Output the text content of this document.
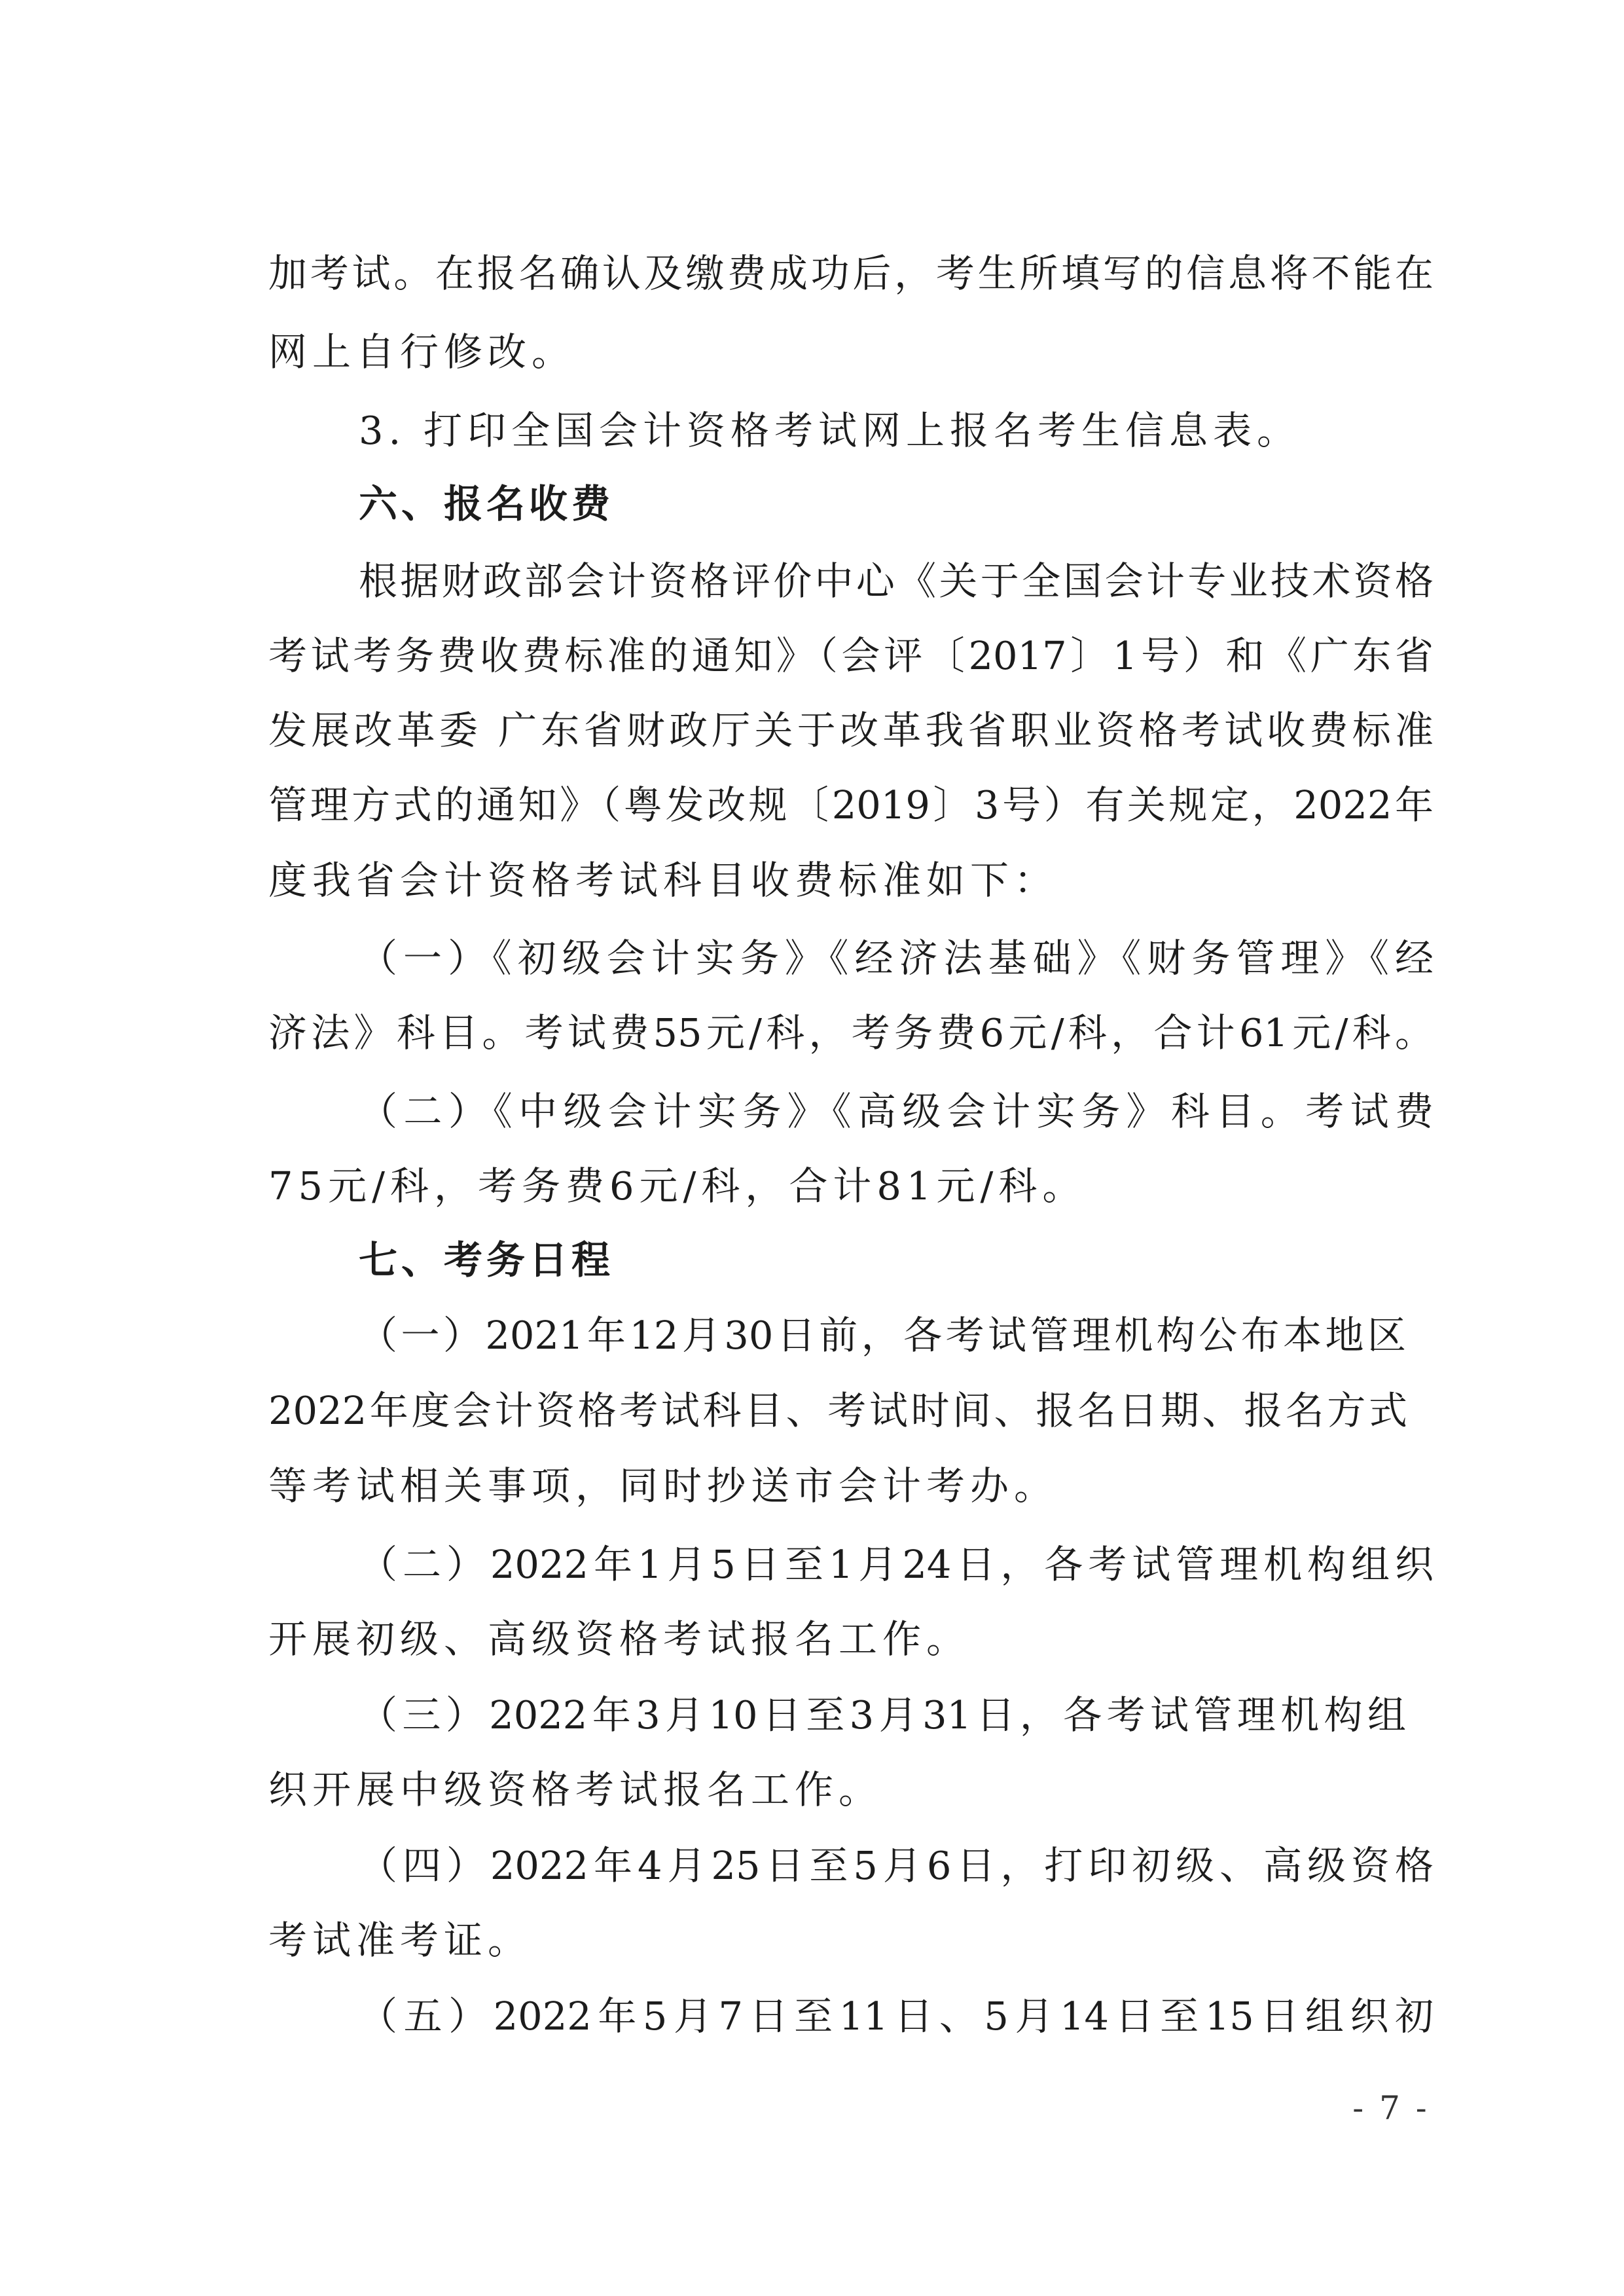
加考试。在报名确认及缴费成功后，考生所填写的信息将不能在
网上自行修改。
3. 打印全国会计资格考试网上报名考生信息表。
六、报名收费
根据财政部会计资格评价中心《关于全国会计专业技术资格
考试考务费收费标准的通知》（会评〔2017〕1号）和《广东省
发展改革委 广东省财政厅关于改革我省职业资格考试收费标准
管理方式的通知》（粤发改规〔2019〕3号）有关规定，2022年
度我省会计资格考试科目收费标准如下：
（一）《初级会计实务》《经济法基础》《财务管理》《经
济法》科目。考试费55元/科，考务费6元/科，合计61元/科。
（二）《中级会计实务》《高级会计实务》科目。考试费
75元/科，考务费6元/科，合计81元/科。
七、考务日程
（一）2021年12月30日前，各考试管理机构公布本地区
2022年度会计资格考试科目、考试时间、报名日期、报名方式
等考试相关事项，同时抄送市会计考办。
（二）2022年1月5日至1月24日，各考试管理机构组织
开展初级、高级资格考试报名工作。
（三）2022年3月10日至3月31日，各考试管理机构组
织开展中级资格考试报名工作。
（四）2022年4月25日至5月6日，打印初级、高级资格
考试准考证。
（五）2022年5月7日至11日、5月14日至15日组织初
- 7 -
